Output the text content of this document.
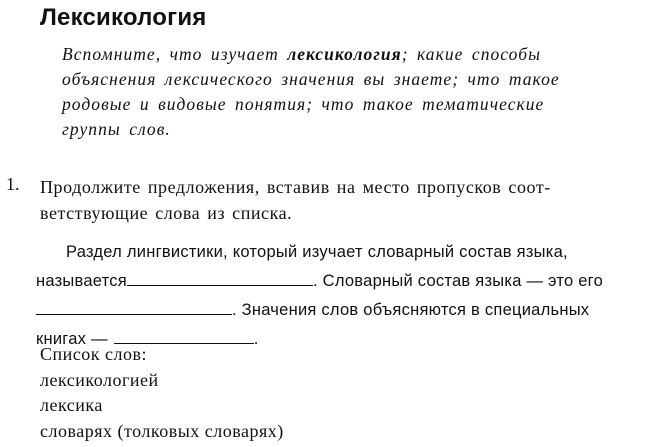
Лексикология
Вспомните, что изучает лексикология; какие способы
объяснения лексического значения вы знаете; что такое
родовые и видовые понятия; что такое тематические
группы слов.
1. Продолжите предложения, вставив на место пропусков соот-
ветствующие слова из списка.
Раздел лингвистики, который изучает словарный состав языка,
называется	. Словарный состав языка — это его
. Значения слов объясняются в специальных
книгах —	.
Список слов:
лексикологией
лексика
словарях (толковых словарях)
